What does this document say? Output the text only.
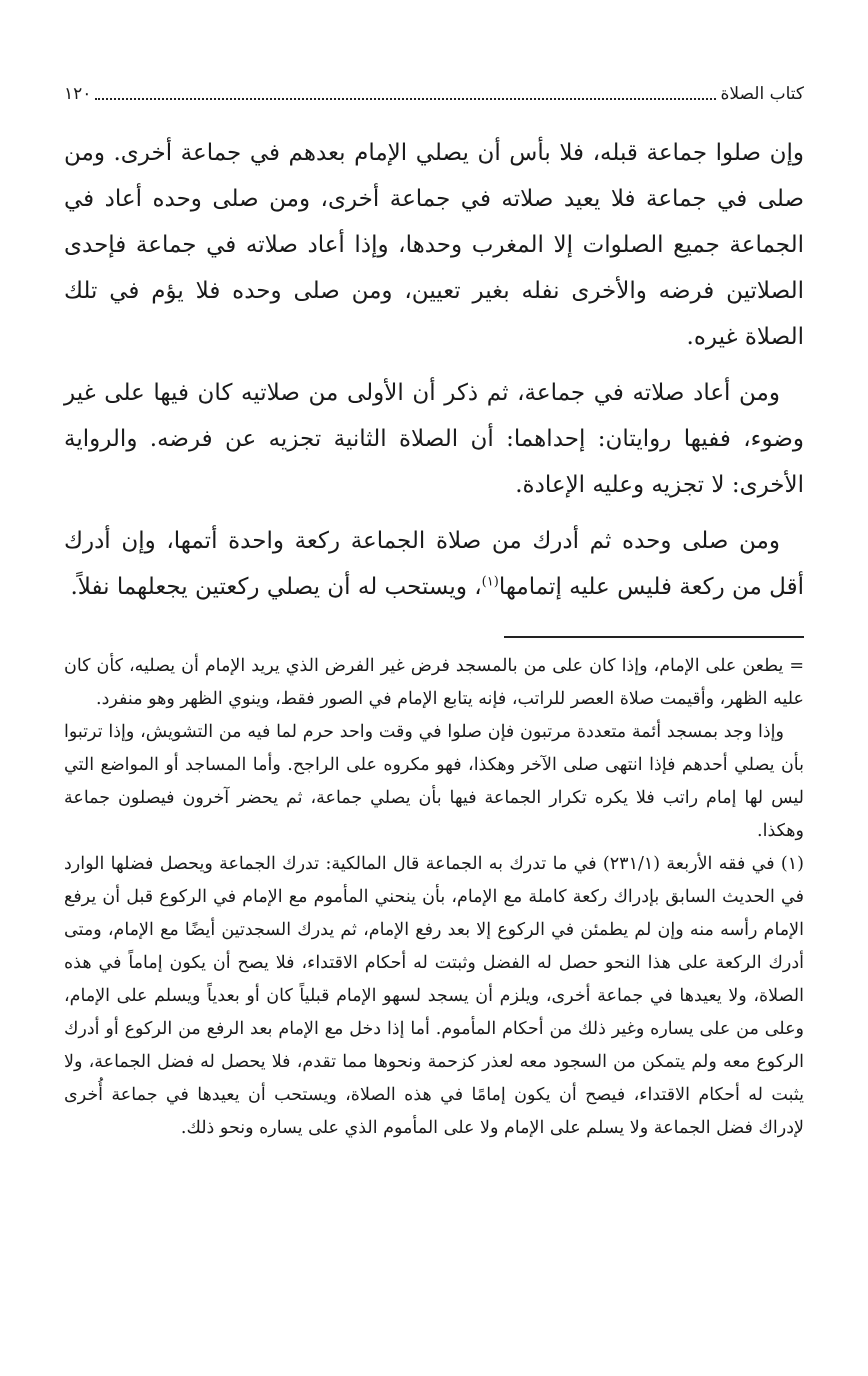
كتاب الصلاة
١٢٠

وإن صلوا جماعة قبله، فلا بأس أن يصلي الإمام بعدهم في جماعة أخرى. ومن صلى في جماعة فلا يعيد صلاته في جماعة أخرى، ومن صلى وحده أعاد في الجماعة جميع الصلوات إلا المغرب وحدها، وإذا أعاد صلاته في جماعة فإحدى الصلاتين فرضه والأخرى نفله بغير تعيين، ومن صلى وحده فلا يؤم في تلك الصلاة غيره.

ومن أعاد صلاته في جماعة، ثم ذكر أن الأولى من صلاتيه كان فيها على غير وضوء، ففيها روايتان: إحداهما: أن الصلاة الثانية تجزيه عن فرضه. والرواية الأخرى: لا تجزيه وعليه الإعادة.

ومن صلى وحده ثم أدرك من صلاة الجماعة ركعة واحدة أتمها، وإن أدرك أقل من ركعة فليس عليه إتمامها$^{(١)}$، ويستحب له أن يصلي ركعتين يجعلهما نفلاً.

= يطعن على الإمام، وإذا كان على من بالمسجد فرض غير الفرض الذي يريد الإمام أن يصليه، كأن كان عليه الظهر، وأقيمت صلاة العصر للراتب، فإنه يتابع الإمام في الصور فقط، وينوي الظهر وهو منفرد.

وإذا وجد بمسجد أئمة متعددة مرتبون فإن صلوا في وقت واحد حرم لما فيه من التشويش، وإذا ترتبوا بأن يصلي أحدهم فإذا انتهى صلى الآخر وهكذا، فهو مكروه على الراجح. وأما المساجد أو المواضع التي ليس لها إمام راتب فلا يكره تكرار الجماعة فيها بأن يصلي جماعة، ثم يحضر آخرون فيصلون جماعة وهكذا.

(١) في فقه الأربعة (٢٣١/١) في ما تدرك به الجماعة قال المالكية: تدرك الجماعة ويحصل فضلها الوارد في الحديث السابق بإدراك ركعة كاملة مع الإمام، بأن ينحني المأموم مع الإمام في الركوع قبل أن يرفع الإمام رأسه منه وإن لم يطمئن في الركوع إلا بعد رفع الإمام، ثم يدرك السجدتين أيضًا مع الإمام، ومتى أدرك الركعة على هذا النحو حصل له الفضل وثبتت له أحكام الاقتداء، فلا يصح أن يكون إماماً في هذه الصلاة، ولا يعيدها في جماعة أخرى، ويلزم أن يسجد لسهو الإمام قبلياً كان أو بعدياً ويسلم على الإمام، وعلى من على يساره وغير ذلك من أحكام المأموم. أما إذا دخل مع الإمام بعد الرفع من الركوع أو أدرك الركوع معه ولم يتمكن من السجود معه لعذر كزحمة ونحوها مما تقدم، فلا يحصل له فضل الجماعة، ولا يثبت له أحكام الاقتداء، فيصح أن يكون إمامًا في هذه الصلاة، ويستحب أن يعيدها في جماعة أُخرى لإدراك فضل الجماعة ولا يسلم على الإمام ولا على المأموم الذي على يساره ونحو ذلك.
